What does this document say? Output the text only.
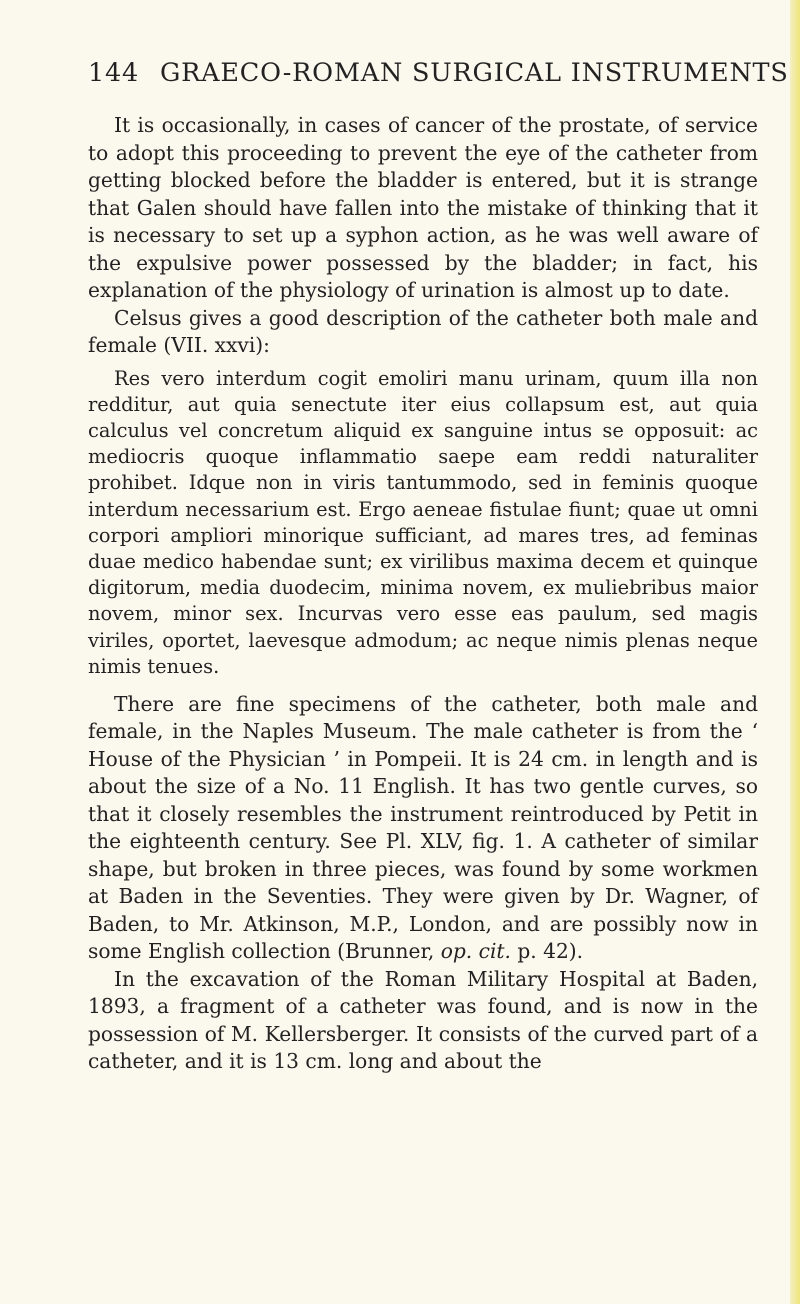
144 GRAECO-ROMAN SURGICAL INSTRUMENTS

It is occasionally, in cases of cancer of the prostate, of service to adopt this proceeding to prevent the eye of the catheter from getting blocked before the bladder is entered, but it is strange that Galen should have fallen into the mistake of thinking that it is necessary to set up a syphon action, as he was well aware of the expulsive power possessed by the bladder; in fact, his explanation of the physiology of urination is almost up to date.

Celsus gives a good description of the catheter both male and female (VII. xxvi):

Res vero interdum cogit emoliri manu urinam, quum illa non redditur, aut quia senectute iter eius collapsum est, aut quia calculus vel concretum aliquid ex sanguine intus se opposuit: ac mediocris quoque inflammatio saepe eam reddi naturaliter prohibet. Idque non in viris tantummodo, sed in feminis quoque interdum necessarium est. Ergo aeneae fistulae fiunt; quae ut omni corpori ampliori minorique sufficiant, ad mares tres, ad feminas duae medico habendae sunt; ex virilibus maxima decem et quinque digitorum, media duodecim, minima novem, ex muliebribus maior novem, minor sex. Incurvas vero esse eas paulum, sed magis viriles, oportet, laevesque admodum; ac neque nimis plenas neque nimis tenues.

There are fine specimens of the catheter, both male and female, in the Naples Museum. The male catheter is from the ‘ House of the Physician ’ in Pompeii. It is 24 cm. in length and is about the size of a No. 11 English. It has two gentle curves, so that it closely resembles the instrument reintroduced by Petit in the eighteenth century. See Pl. XLV, fig. 1. A catheter of similar shape, but broken in three pieces, was found by some workmen at Baden in the Seventies. They were given by Dr. Wagner, of Baden, to Mr. Atkinson, M.P., London, and are possibly now in some English collection (Brunner, op. cit. p. 42).

In the excavation of the Roman Military Hospital at Baden, 1893, a fragment of a catheter was found, and is now in the possession of M. Kellersberger. It consists of the curved part of a catheter, and it is 13 cm. long and about the
